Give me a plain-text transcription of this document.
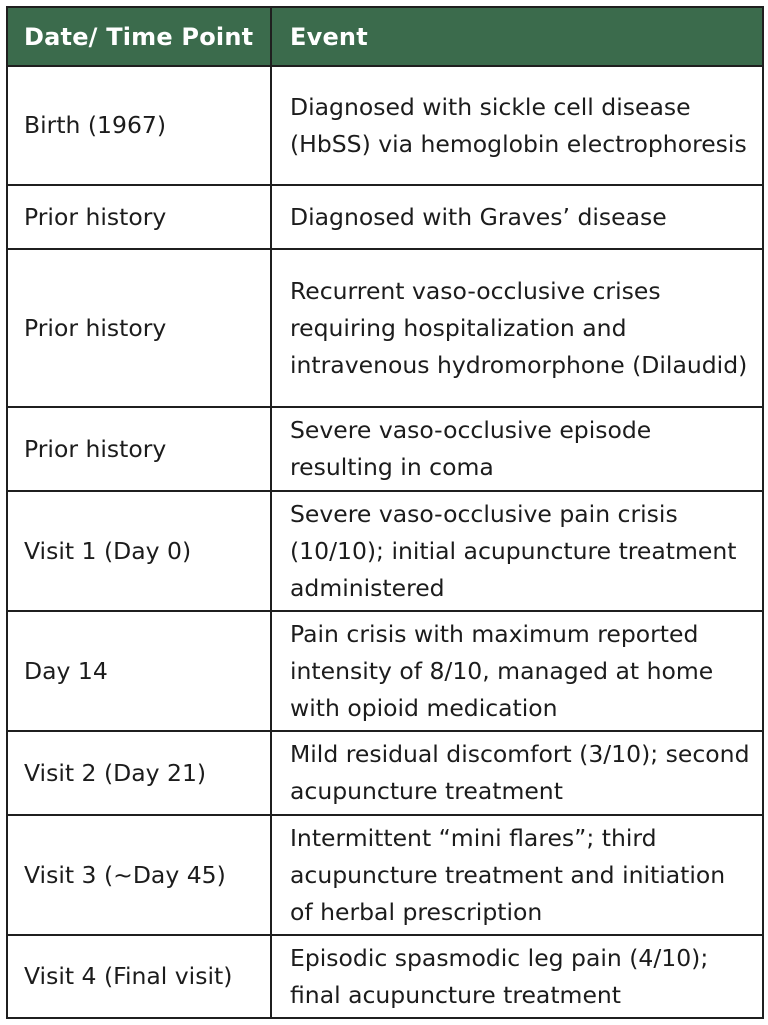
Date/ Time Point	Event
Birth (1967)	Diagnosed with sickle cell disease (HbSS) via hemoglobin electrophoresis
Prior history	Diagnosed with Graves’ disease
Prior history	Recurrent vaso-occlusive crises requiring hospitalization and intravenous hydromorphone (Dilaudid)
Prior history	Severe vaso-occlusive episode resulting in coma
Visit 1 (Day 0)	Severe vaso-occlusive pain crisis (10/10); initial acupuncture treatment administered
Day 14	Pain crisis with maximum reported intensity of 8/10, managed at home with opioid medication
Visit 2 (Day 21)	Mild residual discomfort (3/10); second acupuncture treatment
Visit 3 (~Day 45)	Intermittent “mini flares”; third acupuncture treatment and initiation of herbal prescription
Visit 4 (Final visit)	Episodic spasmodic leg pain (4/10); final acupuncture treatment
